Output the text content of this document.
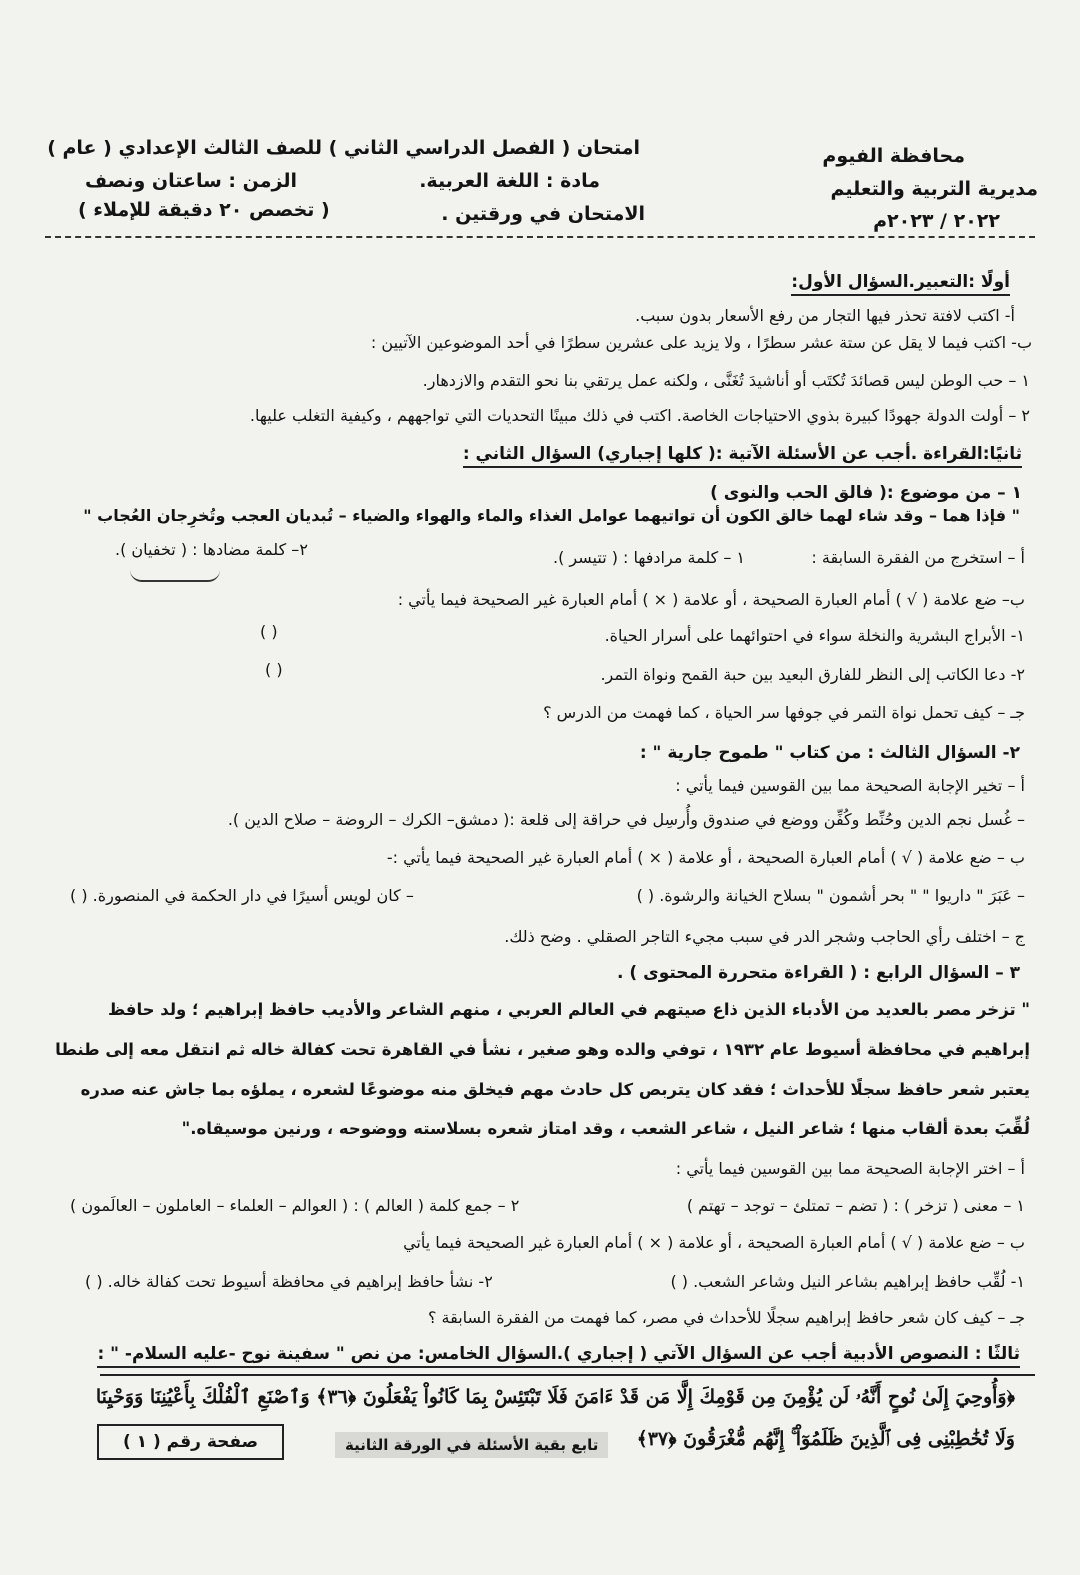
محافظة الفيوم
مديرية التربية والتعليم
٢٠٢٢ / ٢٠٢٣م
امتحان ( الفصل الدراسي الثاني ) للصف الثالث الإعدادي ( عام )
مادة : اللغة العربية.
الامتحان في ورقتين .
الزمن : ساعتان ونصف
( تخصص ٢٠ دقيقة للإملاء )
أولًا :التعبير.السؤال الأول:
أ- اكتب لافتة تحذر فيها التجار من رفع الأسعار بدون سبب.
ب- اكتب فيما لا يقل عن ستة عشر سطرًا ، ولا يزيد على عشرين سطرًا في أحد الموضوعين الآتيين :
١ – حب الوطن ليس قصائدَ تُكتَب أو أناشيدَ تُغَنَّى ، ولكنه عمل يرتقي بنا نحو التقدم والازدهار.
٢ – أولت الدولة جهودًا كبيرة بذوي الاحتياجات الخاصة. اكتب في ذلك مبينًا التحديات التي تواجههم ، وكيفية التغلب عليها.
ثانيًا:القراءة .أجب عن الأسئلة الآتية :( كلها إجباري) السؤال الثاني :
١ – من موضوع :( فالق الحب والنوى )
" فإذا هما – وقد شاء لهما خالق الكون أن تواتيهما عوامل الغذاء والماء والهواء والضياء – تُبديان العجب وتُخرِجان العُجاب "
أ – استخرج من الفقرة السابقة :
١ – كلمة مرادفها : ( تتيسر ).
٢– كلمة مضادها : ( تخفيان ).
ب– ضع علامة ( √ ) أمام العبارة الصحيحة ، أو علامة ( × ) أمام العبارة غير الصحيحة فيما يأتي :
١- الأبراج البشرية والنخلة سواء في احتوائهما على أسرار الحياة.
( )
٢- دعا الكاتب إلى النظر للفارق البعيد بين حبة القمح ونواة التمر.
( )
جـ – كيف تحمل نواة التمر في جوفها سر الحياة ، كما فهمت من الدرس ؟
٢- السؤال الثالث : من كتاب " طموح جارية " :
أ – تخير الإجابة الصحيحة مما بين القوسين فيما يأتي :
– غُسل نجم الدين وحُنِّط وكُفِّن ووضع في صندوق وأُرسِل في حراقة إلى قلعة :( دمشق– الكرك – الروضة – صلاح الدين ).
ب – ضع علامة ( √ ) أمام العبارة الصحيحة ، أو علامة ( × ) أمام العبارة غير الصحيحة فيما يأتي :-
– عَبَرَ " داريوا " " بحر أشمون " بسلاح الخيانة والرشوة. ( )
– كان لويس أسيرًا في دار الحكمة في المنصورة. ( )
ج – اختلف رأي الحاجب وشجر الدر في سبب مجيء التاجر الصقلي . وضح ذلك.
٣ – السؤال الرابع : ( القراءة متحررة المحتوى ) .
" تزخر مصر بالعديد من الأدباء الذين ذاع صيتهم في العالم العربي ، منهم الشاعر والأديب حافظ إبراهيم ؛ ولد حافظ
إبراهيم في محافظة أسيوط عام ١٩٣٢ ، توفي والده وهو صغير ، نشأ في القاهرة تحت كفالة خاله ثم انتقل معه إلى طنطا
يعتبر شعر حافظ سجلًا للأحداث ؛ فقد كان يتربص كل حادث مهم فيخلق منه موضوعًا لشعره ، يملؤه بما جاش عنه صدره
لُقِّبَ بعدة ألقاب منها ؛ شاعر النيل ، شاعر الشعب ، وقد امتاز شعره بسلاسته ووضوحه ، ورنين موسيقاه."
أ – اختر الإجابة الصحيحة مما بين القوسين فيما يأتي :
١ – معنى ( تزخر ) : ( تضم – تمتلئ – توجد – تهتم )
٢ – جمع كلمة ( العالم ) : ( العوالم – العلماء – العاملون – العالَمون )
ب – ضع علامة ( √ ) أمام العبارة الصحيحة ، أو علامة ( × ) أمام العبارة غير الصحيحة فيما يأتي
١- لُقِّب حافظ إبراهيم بشاعر النيل وشاعر الشعب. ( )
٢- نشأ حافظ إبراهيم في محافظة أسيوط تحت كفالة خاله. ( )
جـ – كيف كان شعر حافظ إبراهيم سجلًا للأحداث في مصر، كما فهمت من الفقرة السابقة ؟
ثالثًا : النصوص الأدبية أجب عن السؤال الآتي ( إجباري ).السؤال الخامس: من نص " سفينة نوح -عليه السلام- " :
﴿وَأُوحِيَ إِلَىٰ نُوحٍ أَنَّهُۥ لَن يُؤْمِنَ مِن قَوْمِكَ إِلَّا مَن قَدْ ءَامَنَ فَلَا تَبْتَئِسْ بِمَا كَانُواْ يَفْعَلُونَ ﴿٣٦﴾ وَٱصْنَعِ ٱلْفُلْكَ بِأَعْيُنِنَا وَوَحْيِنَا
وَلَا تُخَٰطِبْنِى فِى ٱلَّذِينَ ظَلَمُوٓاْ ۚ إِنَّهُم مُّغْرَقُونَ ﴿٣٧﴾
تابع بقية الأسئلة في الورقة الثانية
صفحة رقم ( ١ )
